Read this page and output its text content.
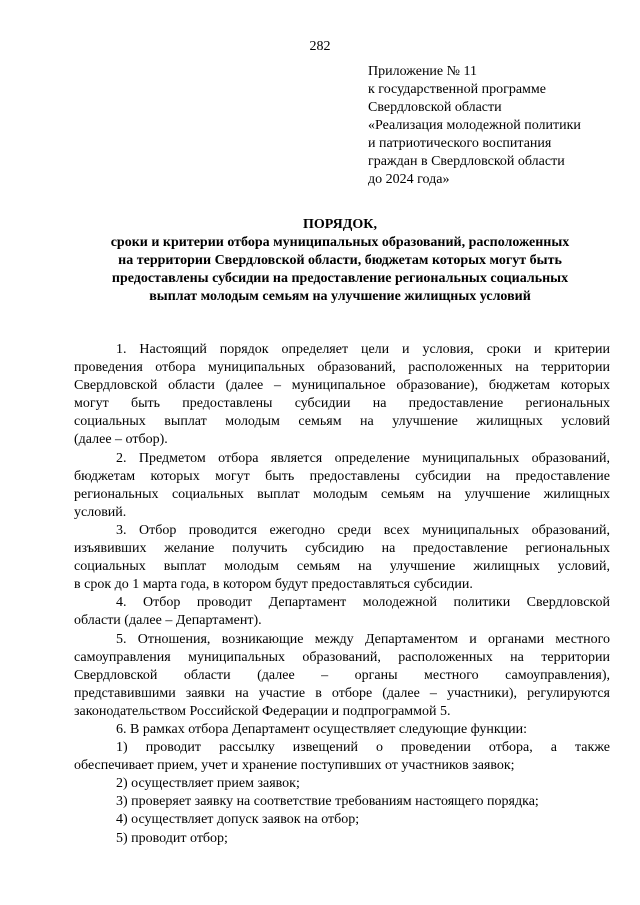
282
Приложение № 11
к государственной программе
Свердловской области
«Реализация молодежной политики
и патриотического воспитания
граждан в Свердловской области
до 2024 года»
ПОРЯДОК,
сроки и критерии отбора муниципальных образований, расположенных
на территории Свердловской области, бюджетам которых могут быть
предоставлены субсидии на предоставление региональных социальных
выплат молодым семьям на улучшение жилищных условий
1. Настоящий порядок определяет цели и условия, сроки и критерии
проведения отбора муниципальных образований, расположенных на территории
Свердловской области (далее – муниципальное образование), бюджетам которых
могут быть предоставлены субсидии на предоставление региональных
социальных выплат молодым семьям на улучшение жилищных условий
(далее – отбор).
2. Предметом отбора является определение муниципальных образований,
бюджетам которых могут быть предоставлены субсидии на предоставление
региональных социальных выплат молодым семьям на улучшение жилищных
условий.
3. Отбор проводится ежегодно среди всех муниципальных образований,
изъявивших желание получить субсидию на предоставление региональных
социальных выплат молодым семьям на улучшение жилищных условий,
в срок до 1 марта года, в котором будут предоставляться субсидии.
4. Отбор проводит Департамент молодежной политики Свердловской
области (далее – Департамент).
5. Отношения, возникающие между Департаментом и органами местного
самоуправления муниципальных образований, расположенных на территории
Свердловской области (далее – органы местного самоуправления),
представившими заявки на участие в отборе (далее – участники), регулируются
законодательством Российской Федерации и подпрограммой 5.
6. В рамках отбора Департамент осуществляет следующие функции:
1) проводит рассылку извещений о проведении отбора, а также
обеспечивает прием, учет и хранение поступивших от участников заявок;
2) осуществляет прием заявок;
3) проверяет заявку на соответствие требованиям настоящего порядка;
4) осуществляет допуск заявок на отбор;
5) проводит отбор;
